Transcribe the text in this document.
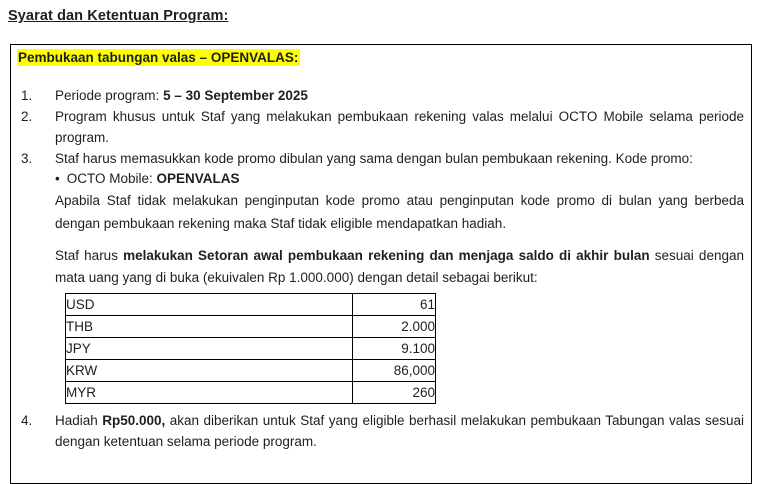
Syarat dan Ketentuan Program:
Pembukaan tabungan valas – OPENVALAS:
1.	Periode program: 5 – 30 September 2025
2.	Program khusus untuk Staf yang melakukan pembukaan rekening valas melalui OCTO Mobile selama periode program.
3.	Staf harus memasukkan kode promo dibulan yang sama dengan bulan pembukaan rekening. Kode promo:
• OCTO Mobile: OPENVALAS
Apabila Staf tidak melakukan penginputan kode promo atau penginputan kode promo di bulan yang berbeda dengan pembukaan rekening maka Staf tidak eligible mendapatkan hadiah.
Staf harus melakukan Setoran awal pembukaan rekening dan menjaga saldo di akhir bulan sesuai dengan mata uang yang di buka (ekuivalen Rp 1.000.000) dengan detail sebagai berikut:
USD	61
THB	2.000
JPY	9.100
KRW	86,000
MYR	260
4.	Hadiah Rp50.000, akan diberikan untuk Staf yang eligible berhasil melakukan pembukaan Tabungan valas sesuai dengan ketentuan selama periode program.
